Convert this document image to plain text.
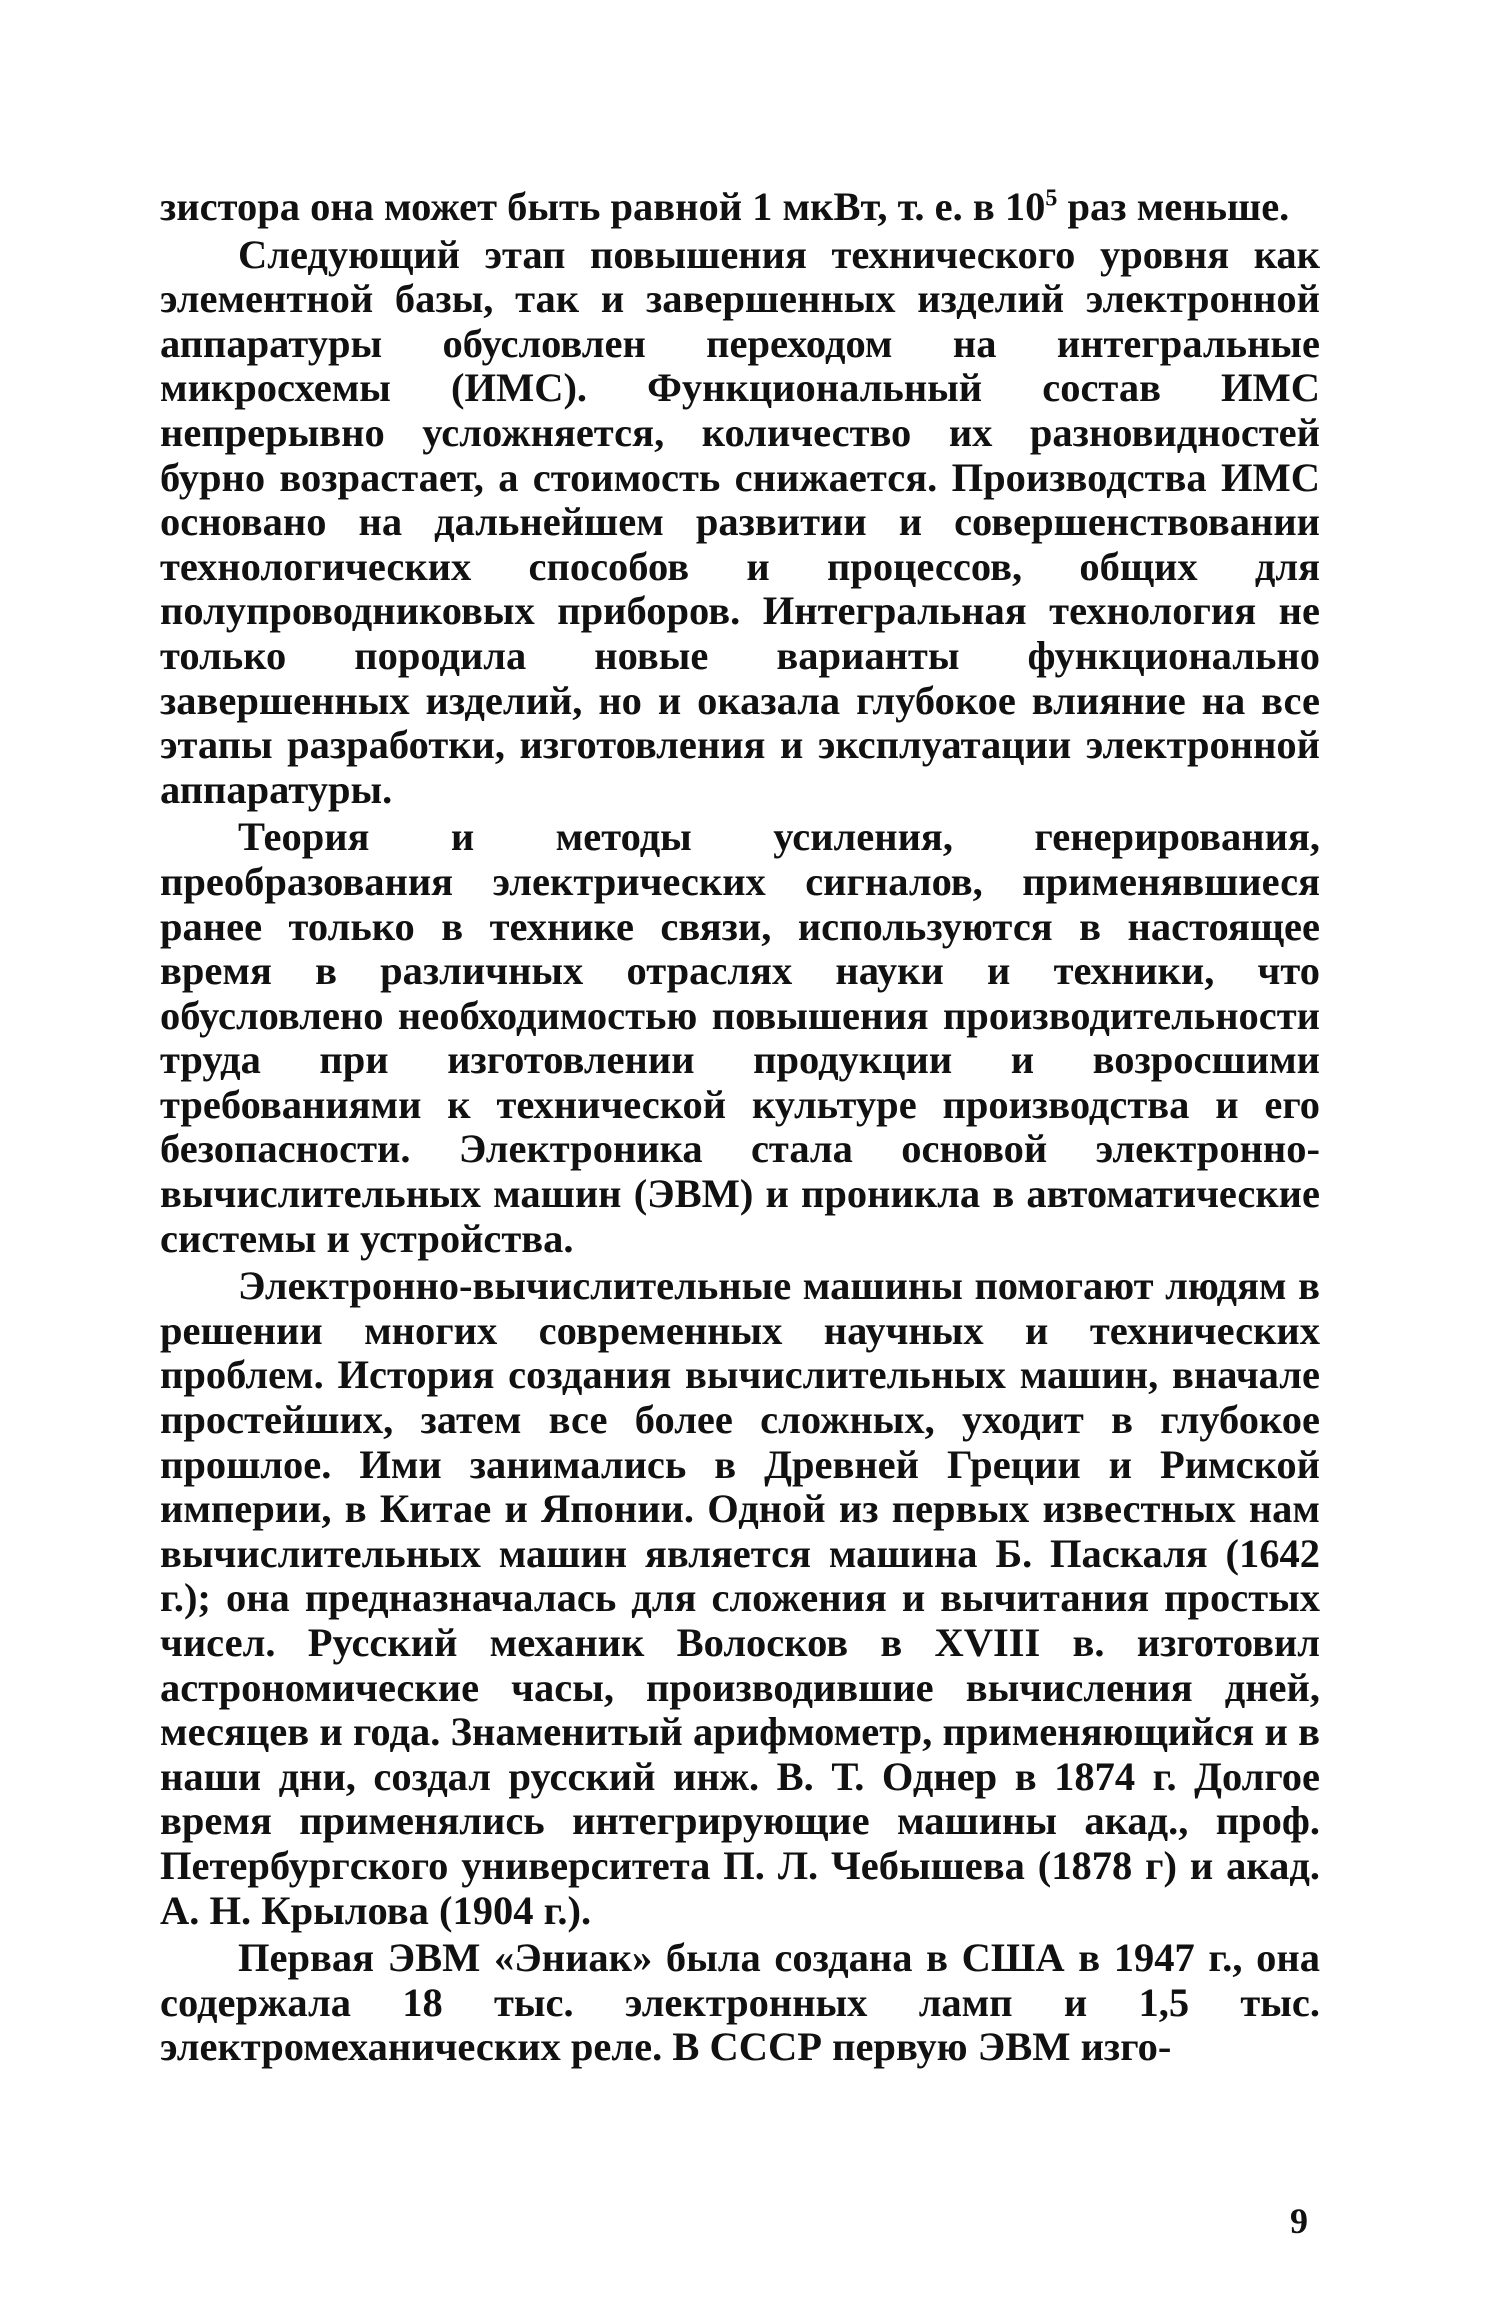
зистора она может быть равной 1 мкВт, т. е. в $10^5$ раз меньше.

Следующий этап повышения технического уровня как элементной базы, так и завершенных изделий электронной аппаратуры обусловлен переходом на интегральные микросхемы (ИМС). Функциональный состав ИМС непрерывно усложняется, количество их разновидностей бурно возрастает, а стоимость снижается. Производства ИМС основано на дальнейшем развитии и совершенствовании технологических способов и процессов, общих для полупроводниковых приборов. Интегральная технология не только породила новые варианты функционально завершенных изделий, но и оказала глубокое влияние на все этапы разработки, изготовления и эксплуатации электронной аппаратуры.

Теория и методы усиления, генерирования, преобразования электрических сигналов, применявшиеся ранее только в технике связи, используются в настоящее время в различных отраслях науки и техники, что обусловлено необходимостью повышения производительности труда при изготовлении продукции и возросшими требованиями к технической культуре производства и его безопасности. Электроника стала основой электронно-вычислительных машин (ЭВМ) и проникла в автоматические системы и устройства.

Электронно-вычислительные машины помогают людям в решении многих современных научных и технических проблем. История создания вычислительных машин, вначале простейших, затем все более сложных, уходит в глубокое прошлое. Ими занимались в Древней Греции и Римской империи, в Китае и Японии. Одной из первых известных нам вычислительных машин является машина Б. Паскаля (1642 г.); она предназначалась для сложения и вычитания простых чисел. Русский механик Волосков в XVIII в. изготовил астрономические часы, производившие вычисления дней, месяцев и года. Знаменитый арифмометр, применяющийся и в наши дни, создал русский инж. В. Т. Однер в 1874 г. Долгое время применялись интегрирующие машины акад., проф. Петербургского университета П. Л. Чебышева (1878 г) и акад. А. Н. Крылова (1904 г.).

Первая ЭВМ «Эниак» была создана в США в 1947 г., она содержала 18 тыс. электронных ламп и 1,5 тыс. электромеханических реле. В СССР первую ЭВМ изго-

9
